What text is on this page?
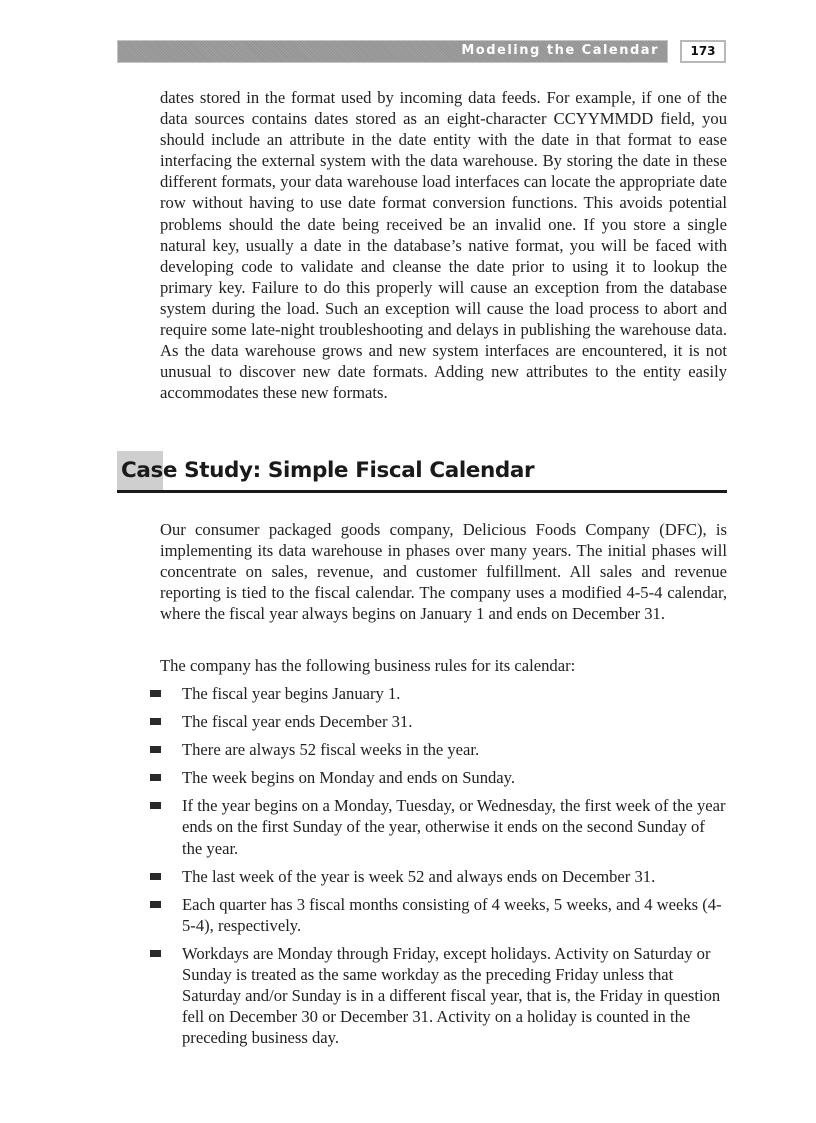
Modeling the Calendar	173

dates stored in the format used by incoming data feeds. For example, if one of the data sources contains dates stored as an eight-character CCYYMMDD field, you should include an attribute in the date entity with the date in that format to ease interfacing the external system with the data warehouse. By storing the date in these different formats, your data warehouse load interfaces can locate the appropriate date row without having to use date format conversion functions. This avoids potential problems should the date being received be an invalid one. If you store a single natural key, usually a date in the database’s native format, you will be faced with developing code to validate and cleanse the date prior to using it to lookup the primary key. Failure to do this properly will cause an exception from the database system during the load. Such an exception will cause the load process to abort and require some late-night troubleshooting and delays in publishing the warehouse data. As the data warehouse grows and new system interfaces are encountered, it is not unusual to discover new date formats. Adding new attributes to the entity easily accommodates these new formats.

Case Study: Simple Fiscal Calendar

Our consumer packaged goods company, Delicious Foods Company (DFC), is implementing its data warehouse in phases over many years. The initial phases will concentrate on sales, revenue, and customer fulfillment. All sales and revenue reporting is tied to the fiscal calendar. The company uses a modified 4-5-4 calendar, where the fiscal year always begins on January 1 and ends on December 31.

The company has the following business rules for its calendar:

The fiscal year begins January 1.
The fiscal year ends December 31.
There are always 52 fiscal weeks in the year.
The week begins on Monday and ends on Sunday.
If the year begins on a Monday, Tuesday, or Wednesday, the first week of the year ends on the first Sunday of the year, otherwise it ends on the second Sunday of the year.
The last week of the year is week 52 and always ends on December 31.
Each quarter has 3 fiscal months consisting of 4 weeks, 5 weeks, and 4 weeks (4-5-4), respectively.
Workdays are Monday through Friday, except holidays. Activity on Saturday or Sunday is treated as the same workday as the preceding Friday unless that Saturday and/or Sunday is in a different fiscal year, that is, the Friday in question fell on December 30 or December 31. Activity on a holiday is counted in the preceding business day.
